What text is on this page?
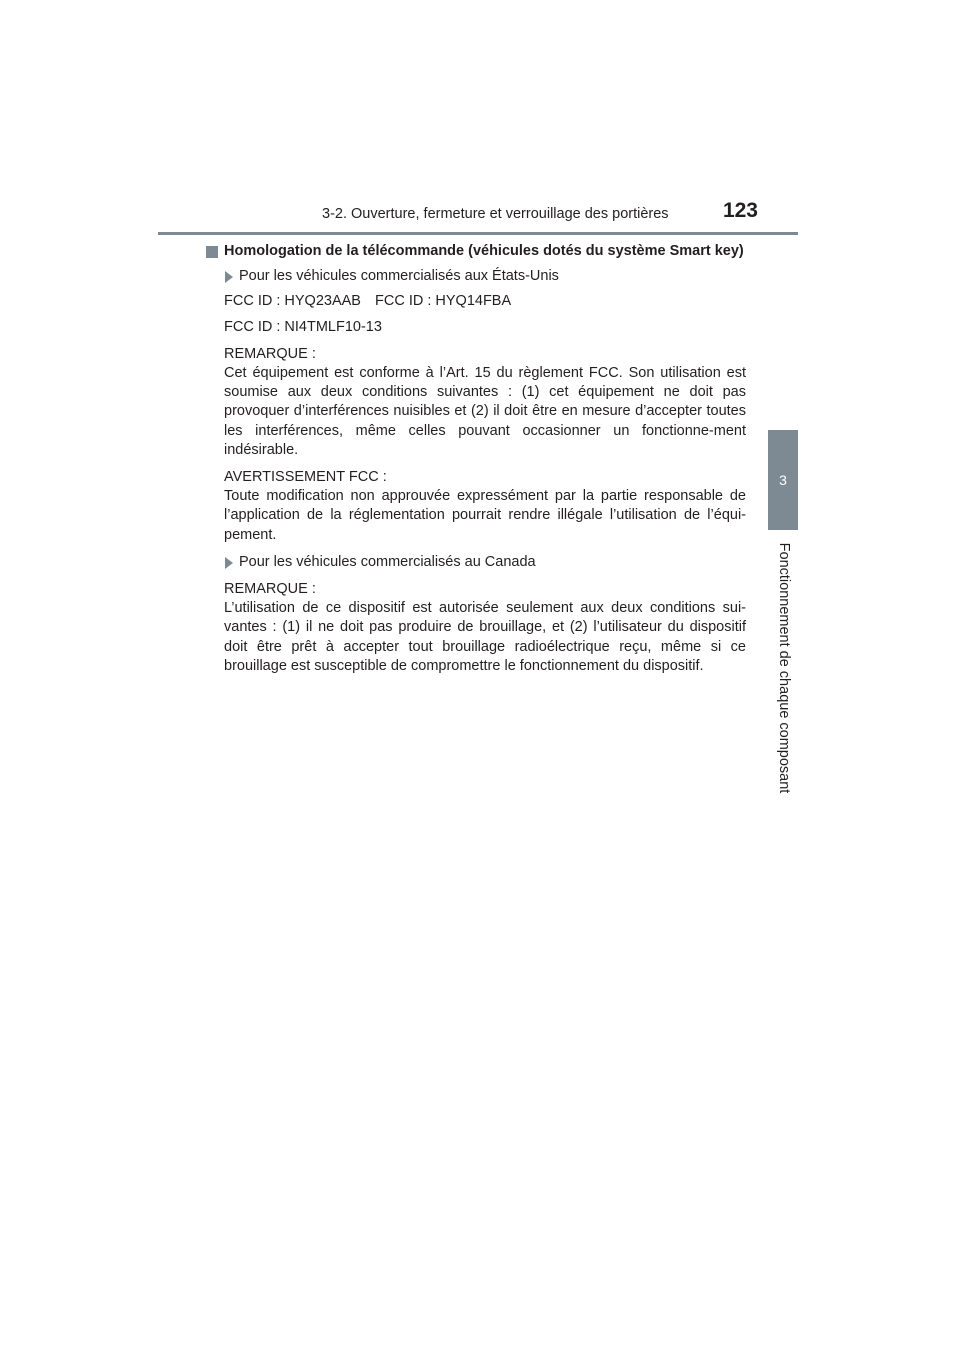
3-2. Ouverture, fermeture et verrouillage des portières	123
3
Fonctionnement de chaque composant
Homologation de la télécommande (véhicules dotés du système Smart key)
Pour les véhicules commercialisés aux États-Unis
FCC ID : HYQ23AAB FCC ID : HYQ14FBA
FCC ID : NI4TMLF10-13
REMARQUE :
Cet équipement est conforme à l’Art. 15 du règlement FCC. Son utilisation est soumise aux deux conditions suivantes : (1) cet équipement ne doit pas provoquer d’interférences nuisibles et (2) il doit être en mesure d’accepter toutes les interférences, même celles pouvant occasionner un fonctionne-ment indésirable.
AVERTISSEMENT FCC :
Toute modification non approuvée expressément par la partie responsable de l’application de la réglementation pourrait rendre illégale l’utilisation de l’équi-pement.
Pour les véhicules commercialisés au Canada
REMARQUE :
L’utilisation de ce dispositif est autorisée seulement aux deux conditions sui-vantes : (1) il ne doit pas produire de brouillage, et (2) l’utilisateur du dispositif doit être prêt à accepter tout brouillage radioélectrique reçu, même si ce brouillage est susceptible de compromettre le fonctionnement du dispositif.
